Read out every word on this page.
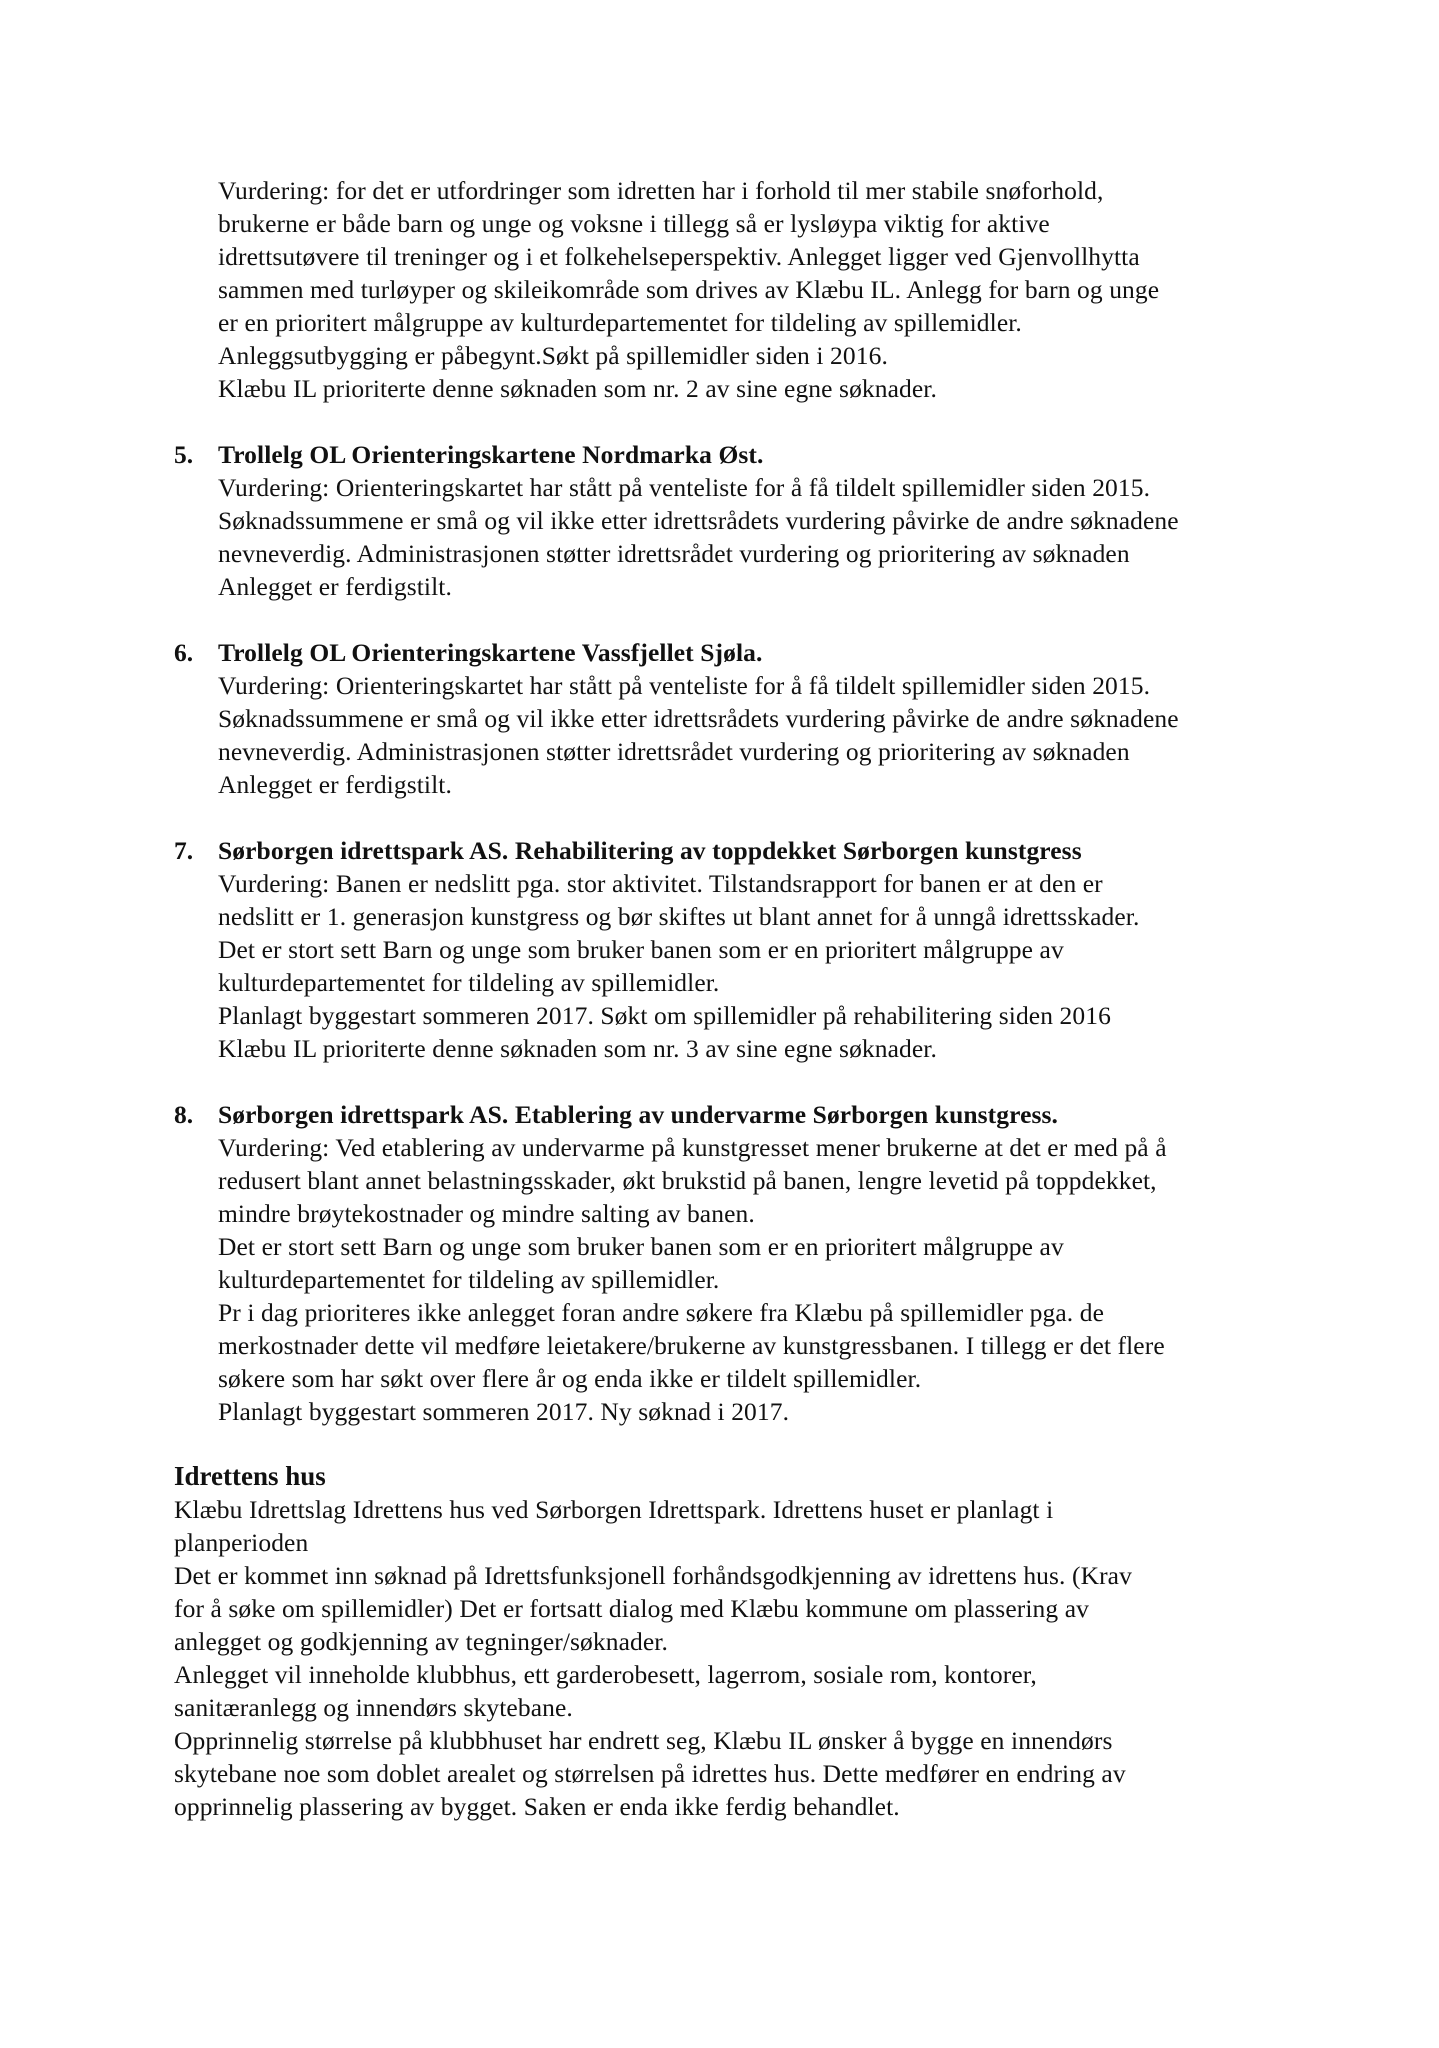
Vurdering: for det er utfordringer som idretten har i forhold til mer stabile snøforhold,
brukerne er både barn og unge og voksne i tillegg så er lysløypa viktig for aktive
idrettsutøvere til treninger og i et folkehelseperspektiv. Anlegget ligger ved Gjenvollhytta
sammen med turløyper og skileikområde som drives av Klæbu IL. Anlegg for barn og unge
er en prioritert målgruppe av kulturdepartementet for tildeling av spillemidler.
Anleggsutbygging er påbegynt.Søkt på spillemidler siden i 2016.
Klæbu IL prioriterte denne søknaden som nr. 2 av sine egne søknader.
5. Trollelg OL Orienteringskartene Nordmarka Øst.
Vurdering: Orienteringskartet har stått på venteliste for å få tildelt spillemidler siden 2015.
Søknadssummene er små og vil ikke etter idrettsrådets vurdering påvirke de andre søknadene
nevneverdig. Administrasjonen støtter idrettsrådet vurdering og prioritering av søknaden
Anlegget er ferdigstilt.
6. Trollelg OL Orienteringskartene Vassfjellet Sjøla.
Vurdering: Orienteringskartet har stått på venteliste for å få tildelt spillemidler siden 2015.
Søknadssummene er små og vil ikke etter idrettsrådets vurdering påvirke de andre søknadene
nevneverdig. Administrasjonen støtter idrettsrådet vurdering og prioritering av søknaden
Anlegget er ferdigstilt.
7. Sørborgen idrettspark AS. Rehabilitering av toppdekket Sørborgen kunstgress
Vurdering: Banen er nedslitt pga. stor aktivitet. Tilstandsrapport for banen er at den er
nedslitt er 1. generasjon kunstgress og bør skiftes ut blant annet for å unngå idrettsskader.
Det er stort sett Barn og unge som bruker banen som er en prioritert målgruppe av
kulturdepartementet for tildeling av spillemidler.
Planlagt byggestart sommeren 2017. Søkt om spillemidler på rehabilitering siden 2016
Klæbu IL prioriterte denne søknaden som nr. 3 av sine egne søknader.
8. Sørborgen idrettspark AS. Etablering av undervarme Sørborgen kunstgress.
Vurdering: Ved etablering av undervarme på kunstgresset mener brukerne at det er med på å
redusert blant annet belastningsskader, økt brukstid på banen, lengre levetid på toppdekket,
mindre brøytekostnader og mindre salting av banen.
Det er stort sett Barn og unge som bruker banen som er en prioritert målgruppe av
kulturdepartementet for tildeling av spillemidler.
Pr i dag prioriteres ikke anlegget foran andre søkere fra Klæbu på spillemidler pga. de
merkostnader dette vil medføre leietakere/brukerne av kunstgressbanen. I tillegg er det flere
søkere som har søkt over flere år og enda ikke er tildelt spillemidler.
Planlagt byggestart sommeren 2017. Ny søknad i 2017.
Idrettens hus
Klæbu Idrettslag Idrettens hus ved Sørborgen Idrettspark. Idrettens huset er planlagt i
planperioden
Det er kommet inn søknad på Idrettsfunksjonell forhåndsgodkjenning av idrettens hus. (Krav
for å søke om spillemidler) Det er fortsatt dialog med Klæbu kommune om plassering av
anlegget og godkjenning av tegninger/søknader.
Anlegget vil inneholde klubbhus, ett garderobesett, lagerrom, sosiale rom, kontorer,
sanitæranlegg og innendørs skytebane.
Opprinnelig størrelse på klubbhuset har endrett seg, Klæbu IL ønsker å bygge en innendørs
skytebane noe som doblet arealet og størrelsen på idrettes hus. Dette medfører en endring av
opprinnelig plassering av bygget. Saken er enda ikke ferdig behandlet.
